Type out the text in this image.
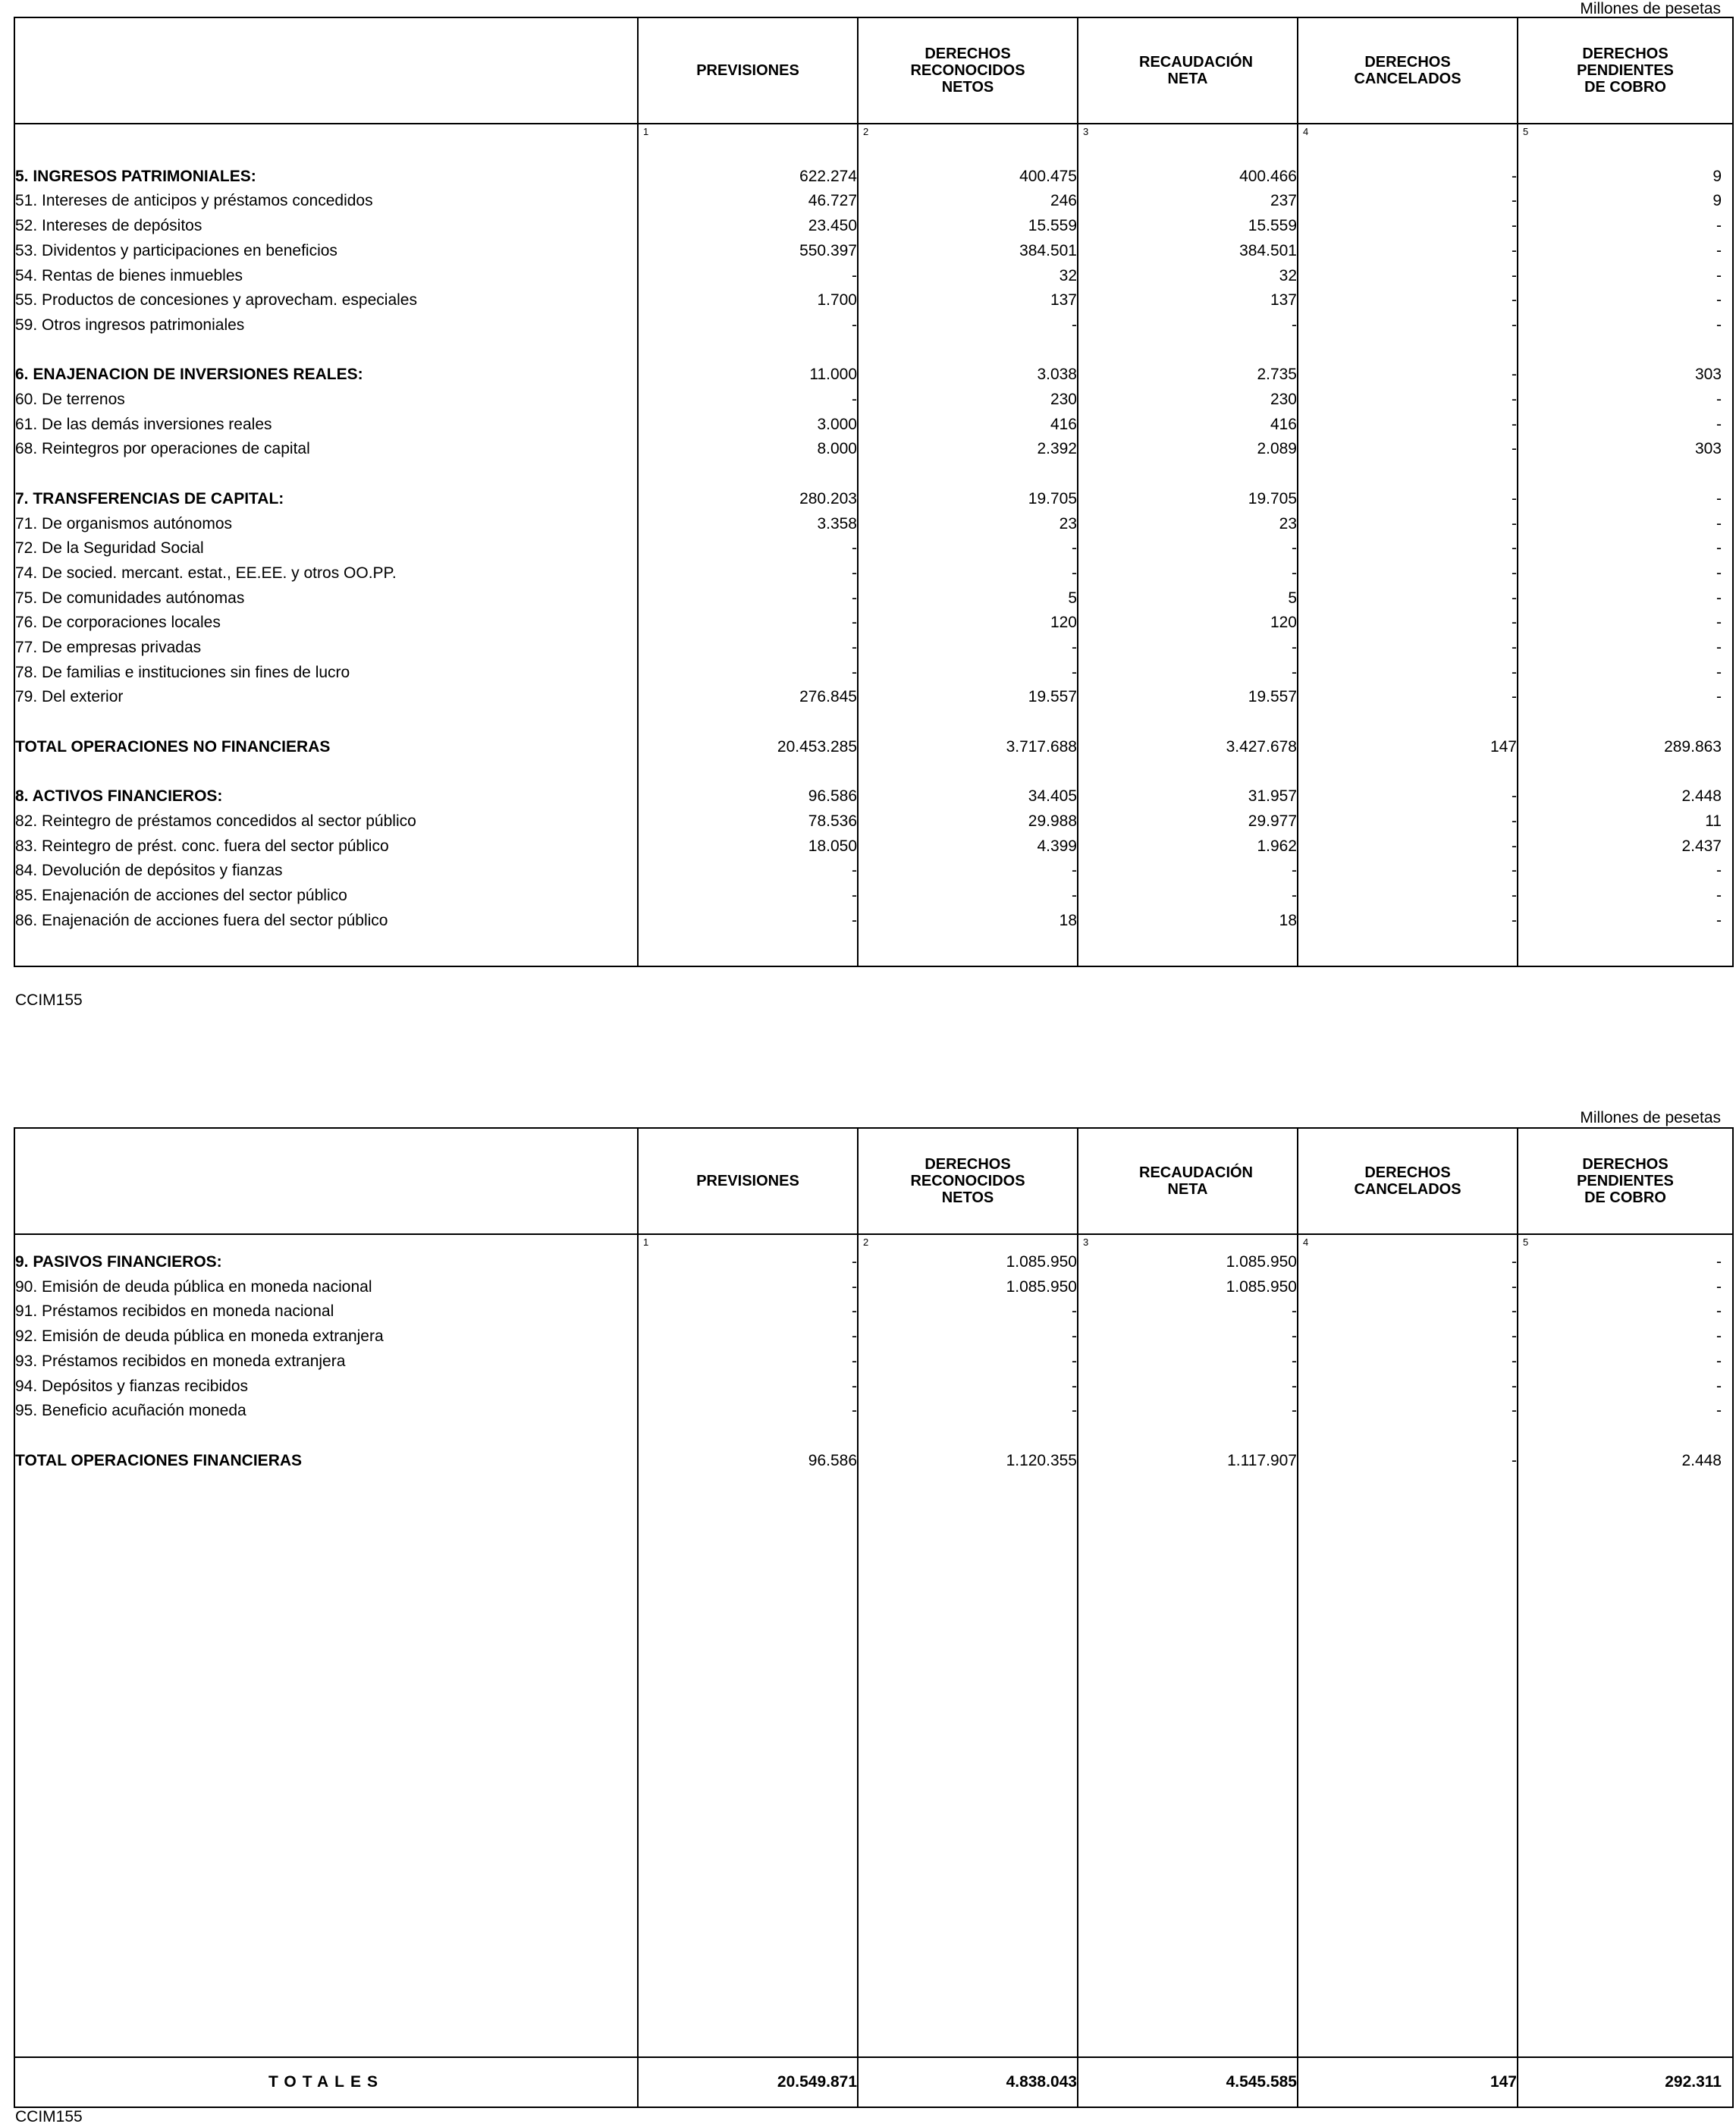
Millones de pesetas
	PREVISIONES	DERECHOS RECONOCIDOS NETOS	RECAUDACIÓN NETA	DERECHOS CANCELADOS	DERECHOS PENDIENTES DE COBRO

	1	2	3	4	5

5. INGRESOS PATRIMONIALES:	622.274	400.475	400.466	-	9
51. Intereses de anticipos y préstamos concedidos	46.727	246	237	-	9
52. Intereses de depósitos	23.450	15.559	15.559	-	-
53. Dividentos y participaciones en beneficios	550.397	384.501	384.501	-	-
54. Rentas de bienes inmuebles	-	32	32	-	-
55. Productos de concesiones y aprovecham. especiales	1.700	137	137	-	-
59. Otros ingresos patrimoniales	-	-	-	-	-

6. ENAJENACION DE INVERSIONES REALES:	11.000	3.038	2.735	-	303
60. De terrenos	-	230	230	-	-
61. De las demás inversiones reales	3.000	416	416	-	-
68. Reintegros por operaciones de capital	8.000	2.392	2.089	-	303

7. TRANSFERENCIAS DE CAPITAL:	280.203	19.705	19.705	-	-
71. De organismos autónomos	3.358	23	23	-	-
72. De la Seguridad Social	-	-	-	-	-
74. De socied. mercant. estat., EE.EE. y otros OO.PP.	-	-	-	-	-
75. De comunidades autónomas	-	5	5	-	-
76. De corporaciones locales	-	120	120	-	-
77. De empresas privadas	-	-	-	-	-
78. De familias e instituciones sin fines de lucro	-	-	-	-	-
79. Del exterior	276.845	19.557	19.557	-	-

TOTAL OPERACIONES NO FINANCIERAS	20.453.285	3.717.688	3.427.678	147	289.863

8. ACTIVOS FINANCIEROS:	96.586	34.405	31.957	-	2.448
82. Reintegro de préstamos concedidos al sector público	78.536	29.988	29.977	-	11
83. Reintegro de prést. conc. fuera del sector público	18.050	4.399	1.962	-	2.437
84. Devolución de depósitos y fianzas	-	-	-	-	-
85. Enajenación de acciones del sector público	-	-	-	-	-
86. Enajenación de acciones fuera del sector público	-	18	18	-	-

CCIM155
Millones de pesetas
	PREVISIONES	DERECHOS RECONOCIDOS NETOS	RECAUDACIÓN NETA	DERECHOS CANCELADOS	DERECHOS PENDIENTES DE COBRO

	1	2	3	4	5

9. PASIVOS FINANCIEROS:	-	1.085.950	1.085.950	-	-
90. Emisión de deuda pública en moneda nacional	-	1.085.950	1.085.950	-	-
91. Préstamos recibidos en moneda nacional	-	-	-	-	-
92. Emisión de deuda pública en moneda extranjera	-	-	-	-	-
93. Préstamos recibidos en moneda extranjera	-	-	-	-	-
94. Depósitos y fianzas recibidos	-	-	-	-	-
95. Beneficio acuñación moneda	-	-	-	-	-

TOTAL OPERACIONES FINANCIERAS	96.586	1.120.355	1.117.907	-	2.448

TOTALES	20.549.871	4.838.043	4.545.585	147	292.311
CCIM155
